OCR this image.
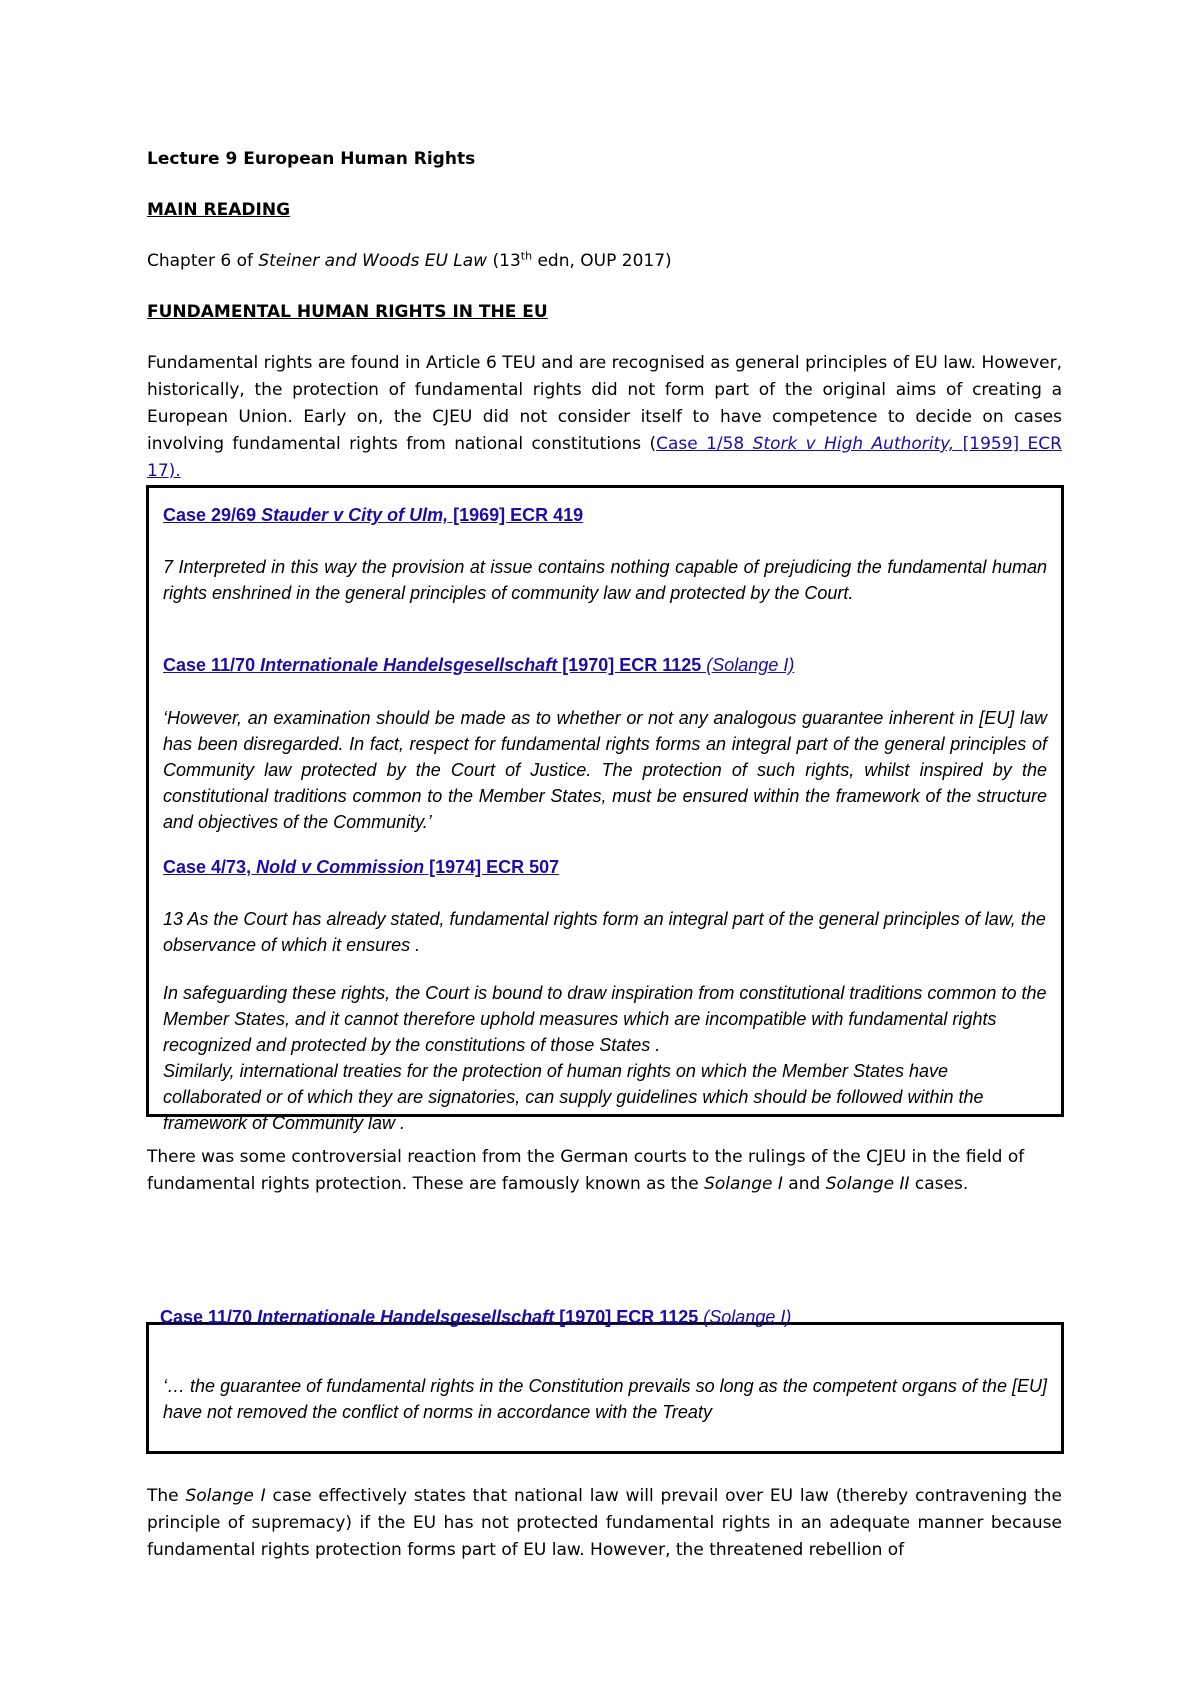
Lecture 9 European Human Rights

MAIN READING

Chapter 6 of Steiner and Woods EU Law (13th edn, OUP 2017)

FUNDAMENTAL HUMAN RIGHTS IN THE EU

Fundamental rights are found in Article 6 TEU and are recognised as general principles of EU law. However, historically, the protection of fundamental rights did not form part of the original aims of creating a European Union. Early on, the CJEU did not consider itself to have competence to decide on cases involving fundamental rights from national constitutions (Case 1/58 Stork v High Authority, [1959] ECR 17).

Case 29/69 Stauder v City of Ulm, [1969] ECR 419
7 Interpreted in this way the provision at issue contains nothing capable of prejudicing the fundamental human rights enshrined in the general principles of community law and protected by the Court.
Case 11/70 Internationale Handelsgesellschaft [1970] ECR 1125 (Solange I)
‘However, an examination should be made as to whether or not any analogous guarantee inherent in [EU] law has been disregarded. In fact, respect for fundamental rights forms an integral part of the general principles of Community law protected by the Court of Justice. The protection of such rights, whilst inspired by the constitutional traditions common to the Member States, must be ensured within the framework of the structure and objectives of the Community.’
Case 4/73, Nold v Commission [1974] ECR 507
13 As the Court has already stated, fundamental rights form an integral part of the general principles of law, the observance of which it ensures .
In safeguarding these rights, the Court is bound to draw inspiration from constitutional traditions common to the Member States, and it cannot therefore uphold measures which are incompatible with fundamental rights recognized and protected by the constitutions of those States .
Similarly, international treaties for the protection of human rights on which the Member States have collaborated or of which they are signatories, can supply guidelines which should be followed within the framework of Community law .

There was some controversial reaction from the German courts to the rulings of the CJEU in the field of fundamental rights protection. These are famously known as the Solange I and Solange II cases.

Case 11/70 Internationale Handelsgesellschaft [1970] ECR 1125 (Solange I)
‘… the guarantee of fundamental rights in the Constitution prevails so long as the competent organs of the [EU] have not removed the conflict of norms in accordance with the Treaty

The Solange I case effectively states that national law will prevail over EU law (thereby contravening the principle of supremacy) if the EU has not protected fundamental rights in an adequate manner because fundamental rights protection forms part of EU law. However, the threatened rebellion of
